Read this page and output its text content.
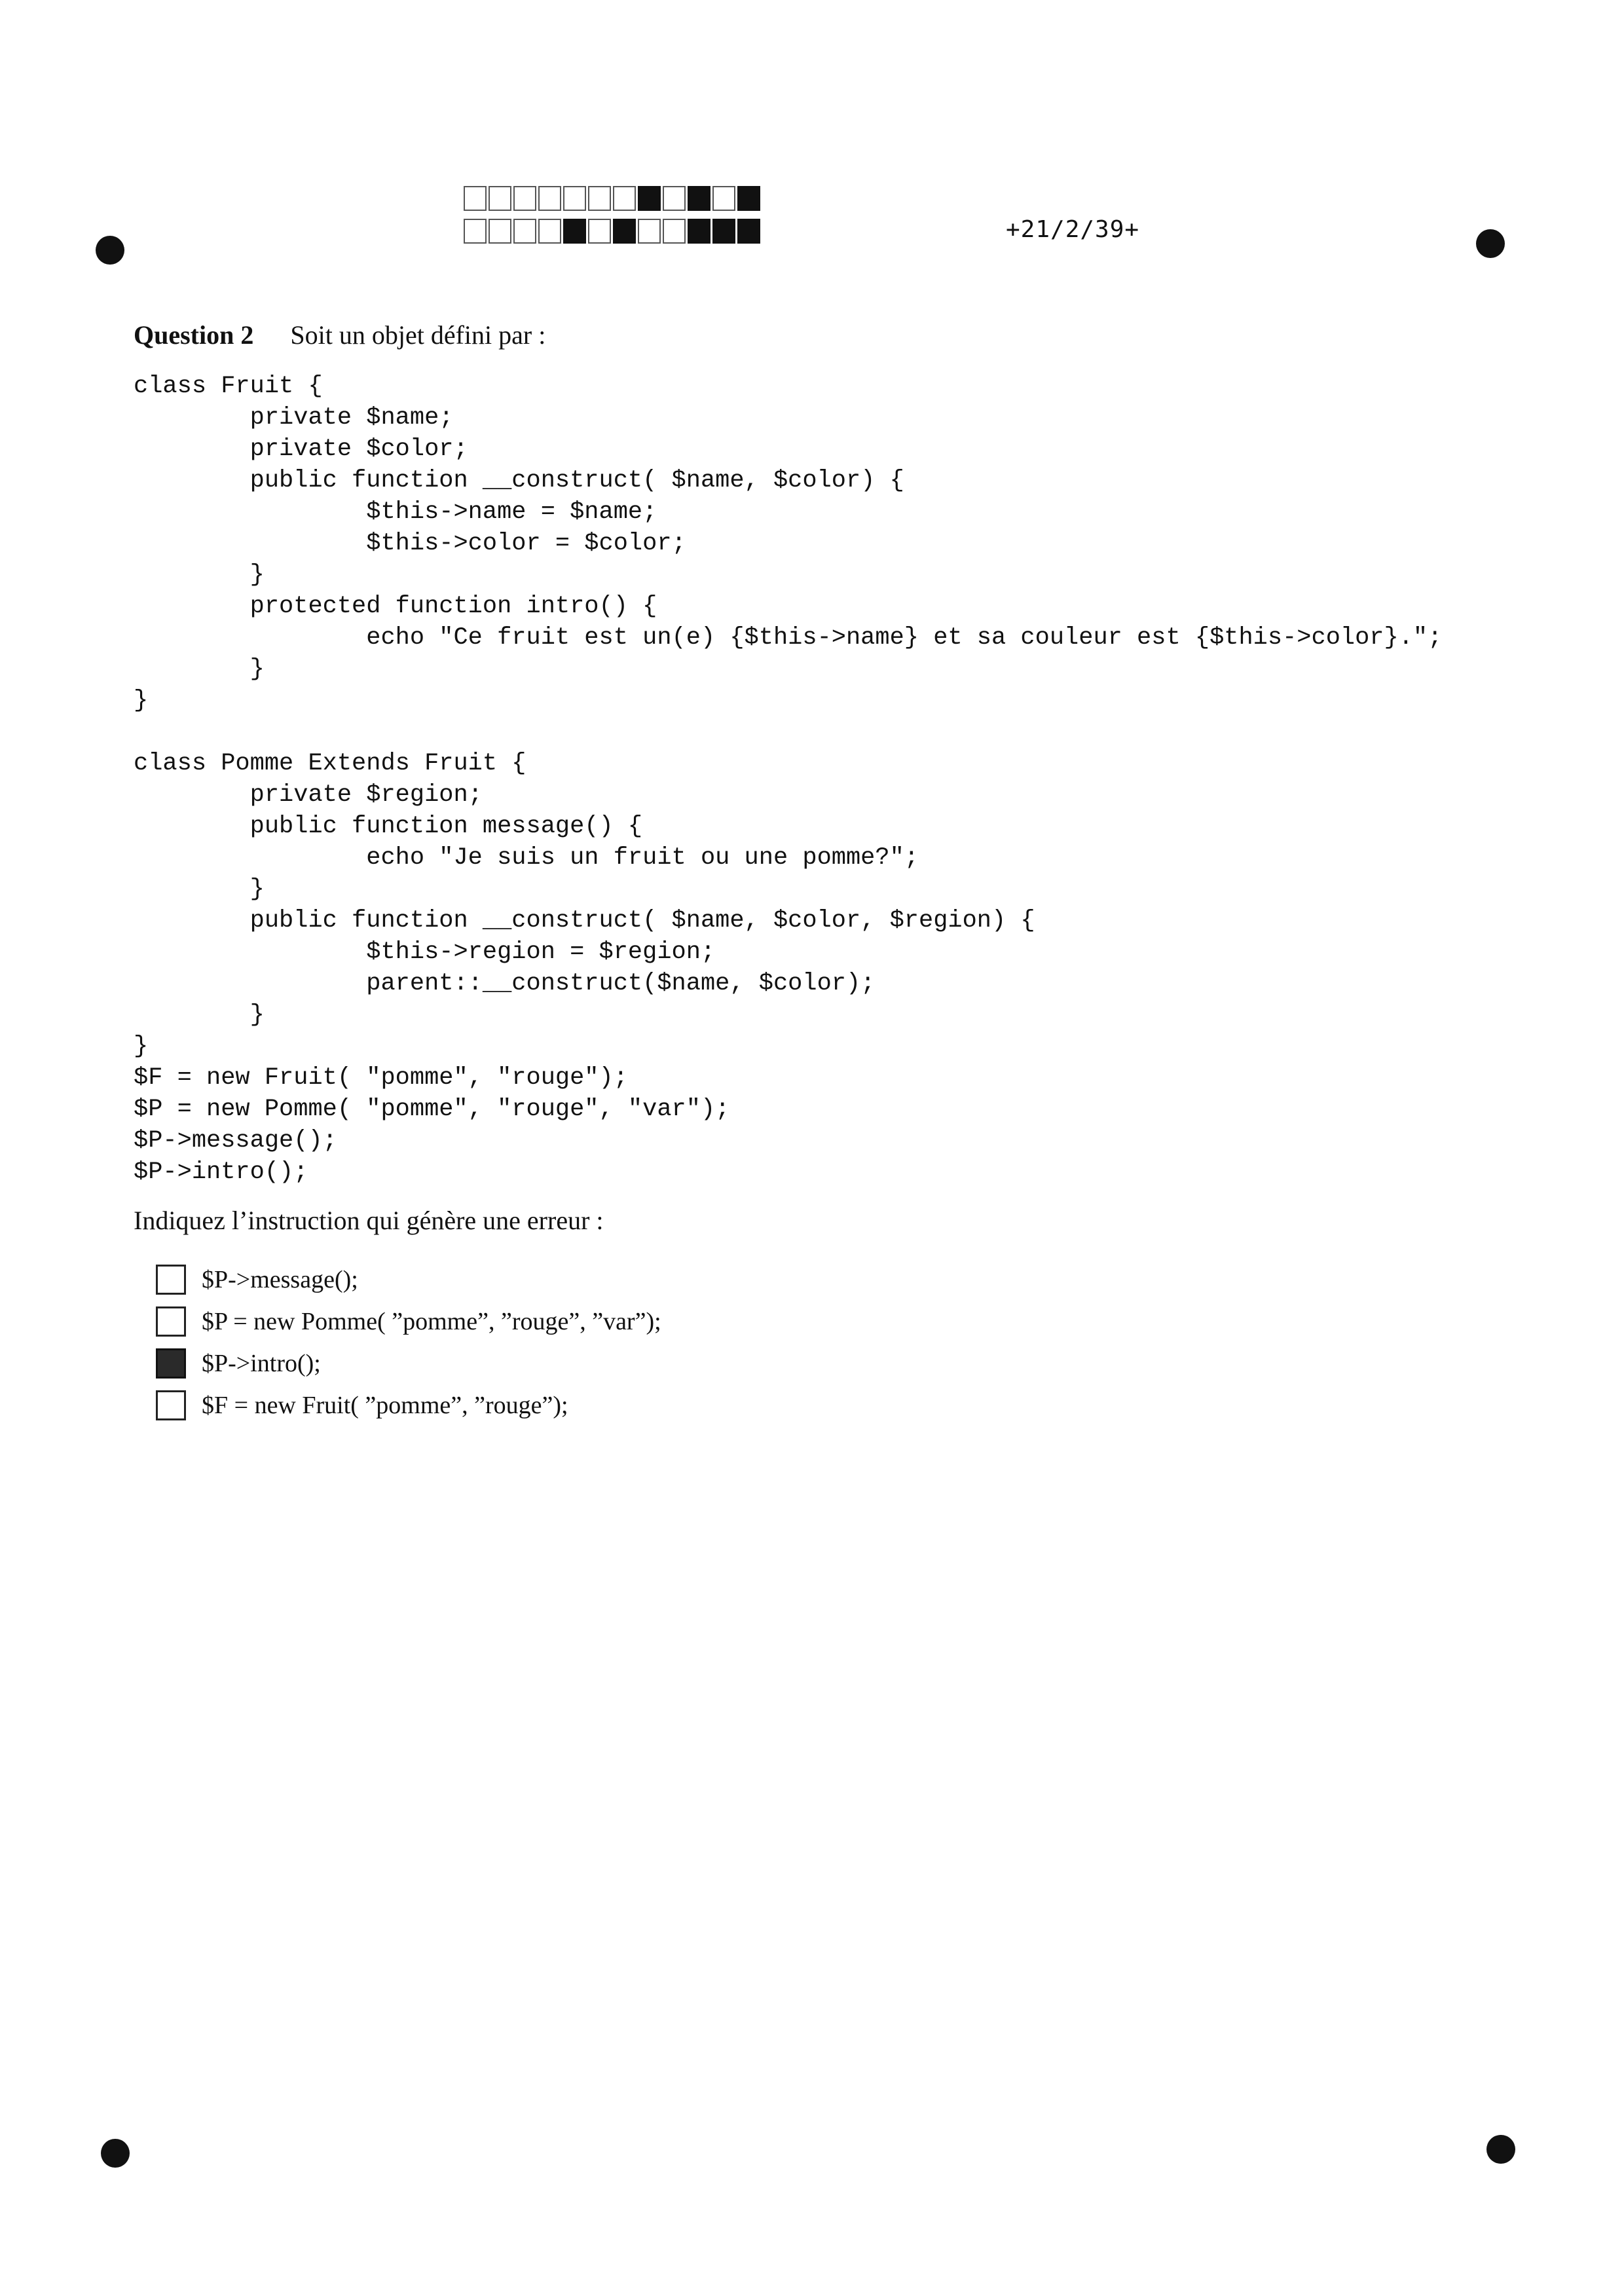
+21/2/39+
Question 2 Soit un objet défini par :
class Fruit {
private $name;
private $color;
public function __construct( $name, $color) {
$this->name = $name;
$this->color = $color;
}
protected function intro() {
echo "Ce fruit est un(e) {$this->name} et sa couleur est {$this->color}.";
}
}
class Pomme Extends Fruit {
private $region;
public function message() {
echo "Je suis un fruit ou une pomme?";
}
public function __construct( $name, $color, $region) {
$this->region = $region;
parent::__construct($name, $color);
}
}
$F = new Fruit( "pomme", "rouge");
$P = new Pomme( "pomme", "rouge", "var");
$P->message();
$P->intro();
Indiquez l’instruction qui génère une erreur :
$P->message();
$P = new Pomme( ”pomme”, ”rouge”, ”var”);
$P->intro();
$F = new Fruit( ”pomme”, ”rouge”);
